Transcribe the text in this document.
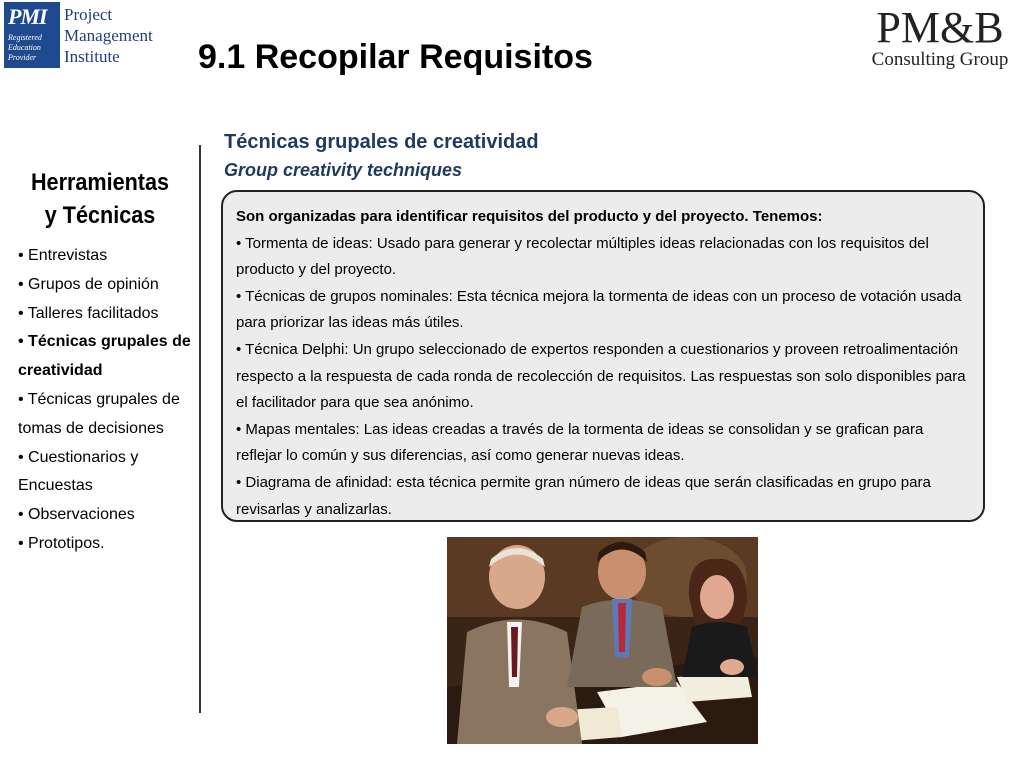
PMI
Registered
Education
Provider
Project
Management
Institute
PM&B
Consulting Group
9.1 Recopilar Requisitos
Herramientas
y Técnicas
• Entrevistas
• Grupos de opinión
• Talleres facilitados
• Técnicas grupales de creatividad
• Técnicas grupales de tomas de decisiones
• Cuestionarios y Encuestas
• Observaciones
• Prototipos.
Técnicas grupales de creatividad
Group creativity techniques
Son organizadas para identificar requisitos del producto y del proyecto. Tenemos:
• Tormenta de ideas: Usado para generar y recolectar múltiples ideas relacionadas con los requisitos del producto y del proyecto.
• Técnicas de grupos nominales: Esta técnica mejora la tormenta de ideas con un proceso de votación usada para priorizar las ideas más útiles.
• Técnica Delphi: Un grupo seleccionado de expertos responden a cuestionarios y proveen retroalimentación respecto a la respuesta de cada ronda de recolección de requisitos. Las respuestas son solo disponibles para el facilitador para que sea anónimo.
• Mapas mentales: Las ideas creadas a través de la tormenta de ideas se consolidan y se grafican para reflejar lo común y sus diferencias, así como generar nuevas ideas.
• Diagrama de afinidad: esta técnica permite gran número de ideas que serán clasificadas en grupo para revisarlas y analizarlas.
